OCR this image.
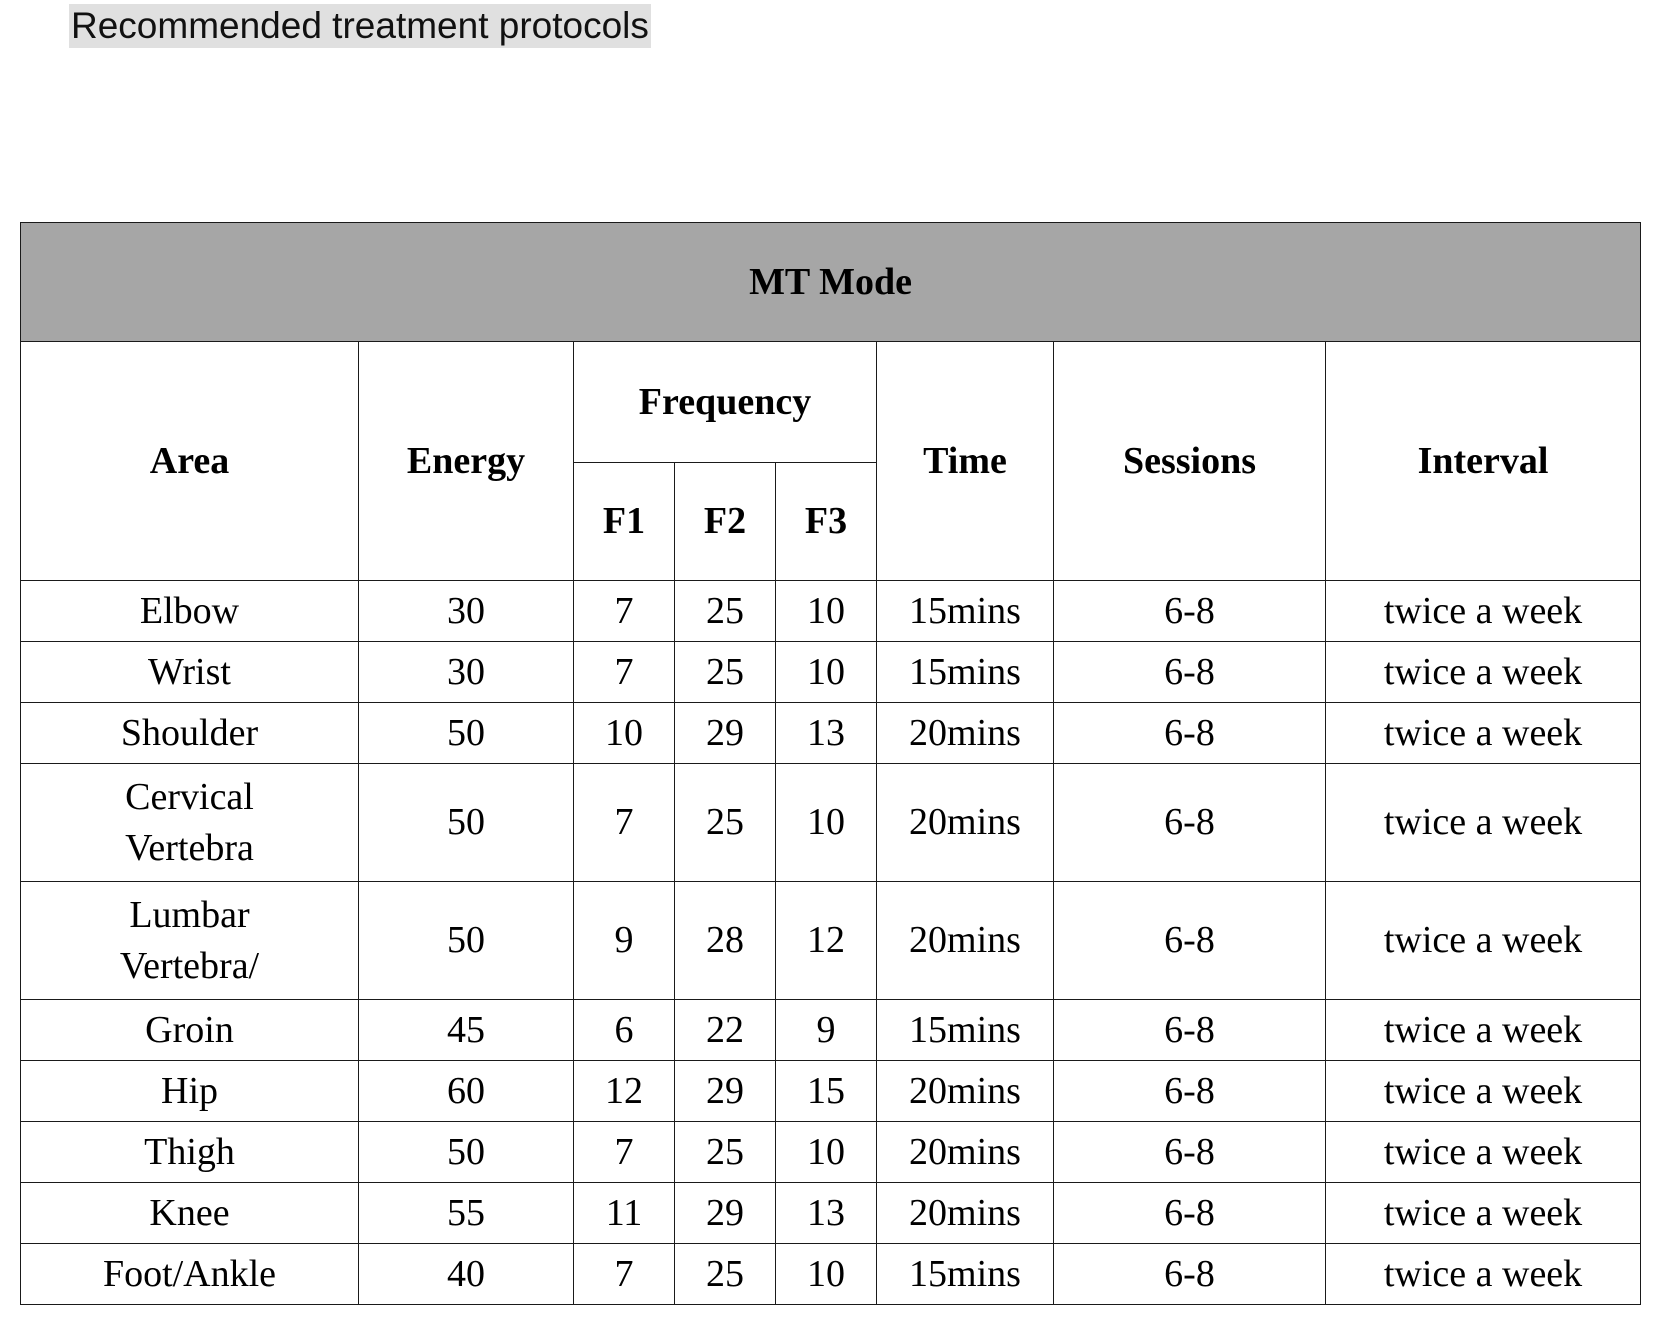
Recommended treatment protocols
MT Mode							
Area	Energy	Frequency			Time	Sessions	Interval
		F1	F2	F3			

Elbow	30	7	25	10	15mins	6-8	twice a week

Wrist	30	7	25	10	15mins	6-8	twice a week

Shoulder	50	10	29	13	20mins	6-8	twice a week

Cervical
Vertebra	50	7	25	10	20mins	6-8	twice a week

Lumbar
Vertebra/	50	9	28	12	20mins	6-8	twice a week

Groin	45	6	22	9	15mins	6-8	twice a week

Hip	60	12	29	15	20mins	6-8	twice a week

Thigh	50	7	25	10	20mins	6-8	twice a week

Knee	55	11	29	13	20mins	6-8	twice a week

Foot/Ankle	40	7	25	10	15mins	6-8	twice a week
